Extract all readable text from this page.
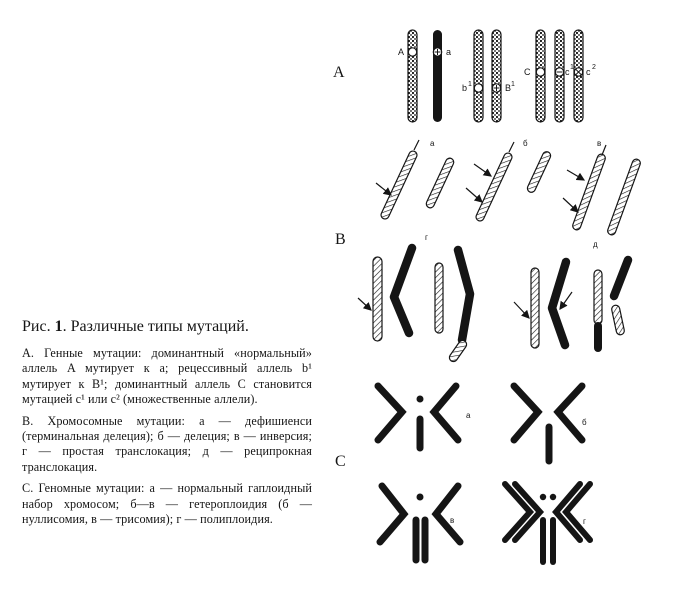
Рис. 1. Различные типы мутаций.

А. Генные мутации: доминантный «нормальный» аллель A мутирует к a; рецессивный аллель b¹ мутирует к B¹; доминантный аллель C становится мутацией c¹ или c² (множественные аллели).

B. Хромосомные мутации: а — дефишиенси (терминальная делеция); б — делеция; в — инверсия; г — простая транслокация; д — реципрокная транслокация.

С. Геномные мутации: а — нормальный гаплоидный набор хромосом; б—в — гетероплоидия (б — нуллисомия, в — трисомия); г — полиплоидия.

A
A	a
b 1	B 1
C	c 1 c 2
B
а	б	в
г
д
C
а
б
в	г
